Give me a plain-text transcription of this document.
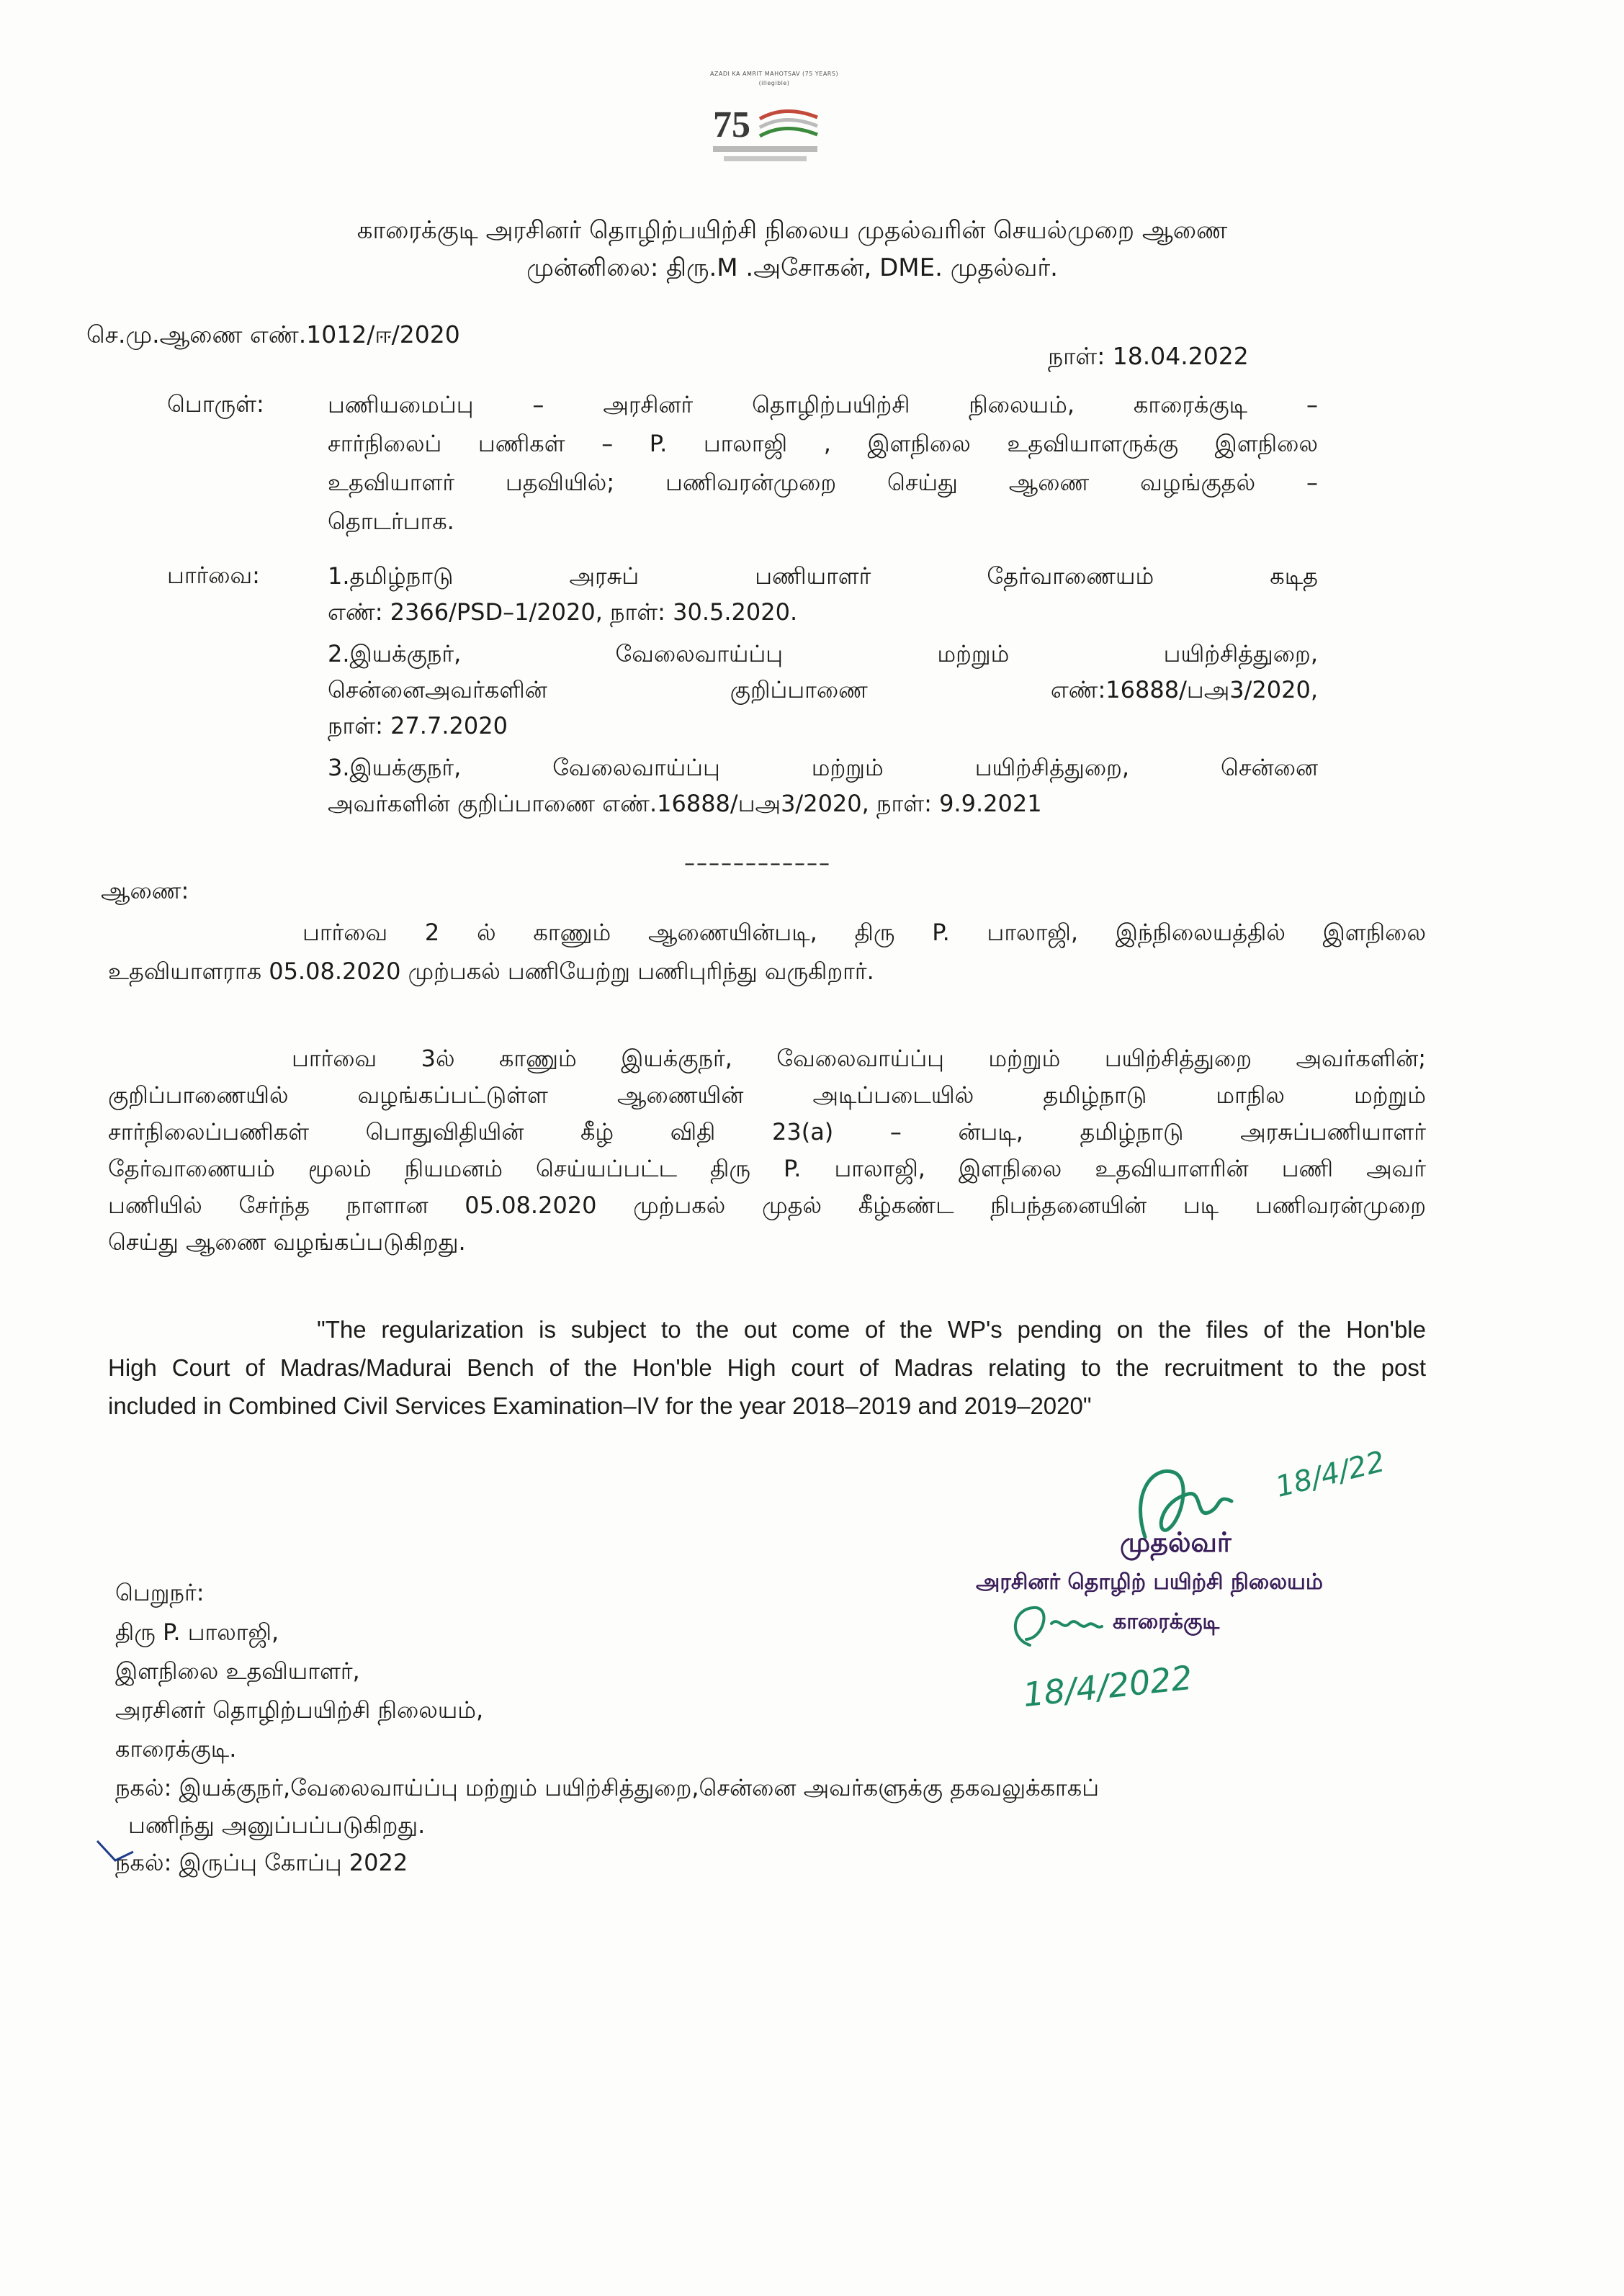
AZADI KA AMRIT MAHOTSAV (75 YEARS)
(illegible)
75
காரைக்குடி அரசினர் தொழிற்பயிற்சி நிலைய முதல்வரின் செயல்முறை ஆணை
முன்னிலை: திரு.M .அசோகன், DME. முதல்வர்.
செ.மு.ஆணை எண்.1012/ஈ/2020
நாள்: 18.04.2022
பொருள்:	பணியமைப்பு – அரசினர் தொழிற்பயிற்சி நிலையம், காரைக்குடி –
சார்நிலைப் பணிகள் – P. பாலாஜி , இளநிலை உதவியாளருக்கு இளநிலை
உதவியாளர் பதவியில்; பணிவரன்முறை செய்து ஆணை வழங்குதல் –
தொடர்பாக.
பார்வை:	1.தமிழ்நாடு அரசுப் பணியாளர் தேர்வாணையம் கடித
எண்: 2366/PSD–1/2020, நாள்: 30.5.2020.
2.இயக்குநர், வேலைவாய்ப்பு மற்றும் பயிற்சித்துறை,
சென்னைஅவர்களின் குறிப்பாணை எண்:16888/பஅ3/2020,
நாள்: 27.7.2020
3.இயக்குநர், வேலைவாய்ப்பு மற்றும் பயிற்சித்துறை, சென்னை
அவர்களின் குறிப்பாணை எண்.16888/பஅ3/2020, நாள்: 9.9.2021
––––––––––––
ஆணை:
பார்வை 2 ல் காணும் ஆணையின்படி, திரு P. பாலாஜி, இந்நிலையத்தில் இளநிலை
உதவியாளராக 05.08.2020 முற்பகல் பணியேற்று பணிபுரிந்து வருகிறார்.
பார்வை 3ல் காணும் இயக்குநர், வேலைவாய்ப்பு மற்றும் பயிற்சித்துறை அவர்களின்;
குறிப்பாணையில் வழங்கப்பட்டுள்ள ஆணையின் அடிப்படையில் தமிழ்நாடு மாநில மற்றும்
சார்நிலைப்பணிகள் பொதுவிதியின் கீழ் விதி 23(a) – ன்படி, தமிழ்நாடு அரசுப்பணியாளர்
தேர்வாணையம் மூலம் நியமனம் செய்யப்பட்ட திரு P. பாலாஜி, இளநிலை உதவியாளரின் பணி அவர்
பணியில் சேர்ந்த நாளான 05.08.2020 முற்பகல் முதல் கீழ்கண்ட நிபந்தனையின் படி பணிவரன்முறை
செய்து ஆணை வழங்கப்படுகிறது.
"The regularization is subject to the out come of the WP's pending on the files of the Hon'ble
High Court of Madras/Madurai Bench of the Hon'ble High court of Madras relating to the recruitment to the post
included in Combined Civil Services Examination–IV for the year 2018–2019 and 2019–2020"
18/4/22
முதல்வர்
அரசினர் தொழிற் பயிற்சி நிலையம்
காரைக்குடி
18/4/2022
பெறுநர்:
திரு P. பாலாஜி,
இளநிலை உதவியாளர்,
அரசினர் தொழிற்பயிற்சி நிலையம்,
காரைக்குடி.
நகல்: இயக்குநர்,வேலைவாய்ப்பு மற்றும் பயிற்சித்துறை,சென்னை அவர்களுக்கு தகவலுக்காகப்
பணிந்து அனுப்பப்படுகிறது.
நகல்: இருப்பு கோப்பு 2022
